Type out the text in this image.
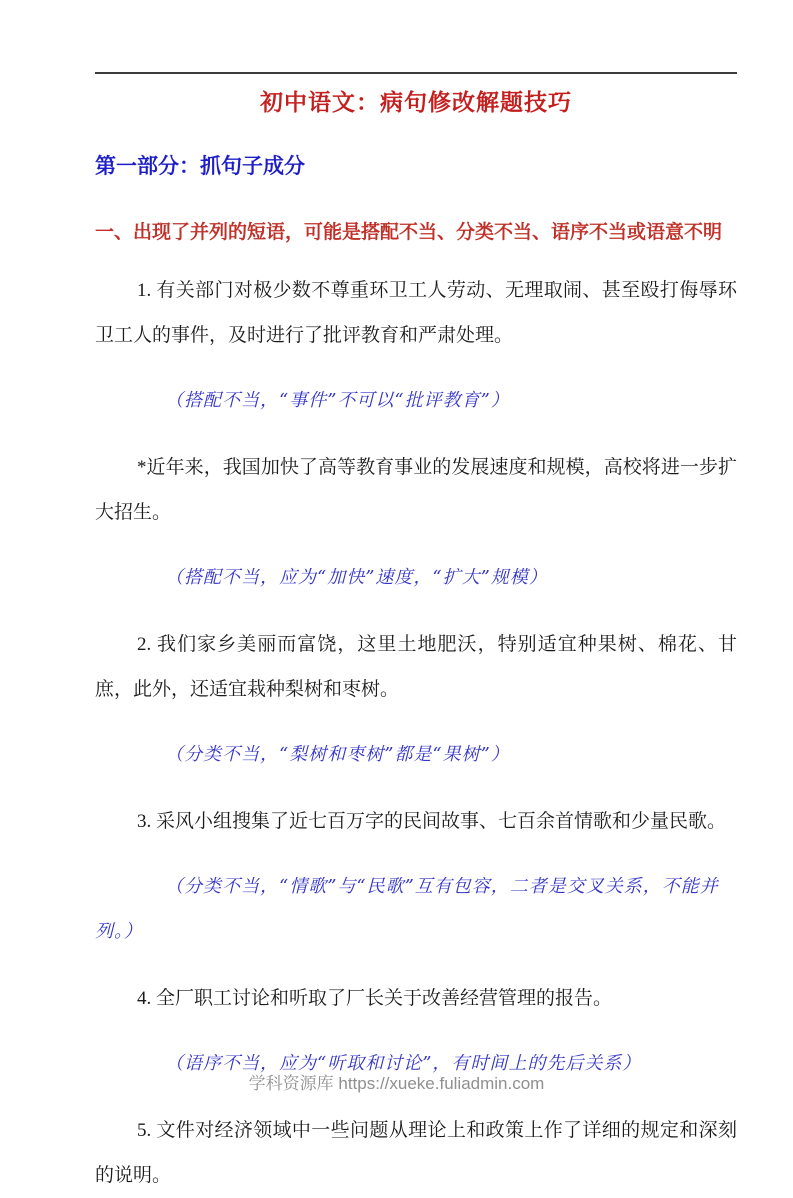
初中语文：病句修改解题技巧
第一部分：抓句子成分
一、出现了并列的短语，可能是搭配不当、分类不当、语序不当或语意不明

1. 有关部门对极少数不尊重环卫工人劳动、无理取闹、甚至殴打侮辱环卫工人的事件，及时进行了批评教育和严肃处理。

（搭配不当，“事件”不可以“批评教育”）

*近年来，我国加快了高等教育事业的发展速度和规模，高校将进一步扩大招生。

（搭配不当，应为“加快”速度，“扩大”规模）

2. 我们家乡美丽而富饶，这里土地肥沃，特别适宜种果树、棉花、甘庶，此外，还适宜栽种梨树和枣树。

（分类不当，“梨树和枣树”都是“果树”）

3. 采风小组搜集了近七百万字的民间故事、七百余首情歌和少量民歌。

（分类不当，“情歌”与“民歌”互有包容，二者是交叉关系，不能并列。）

4. 全厂职工讨论和听取了厂长关于改善经营管理的报告。

（语序不当，应为“听取和讨论”，有时间上的先后关系）

5. 文件对经济领域中一些问题从理论上和政策上作了详细的规定和深刻的说明。

学科资源库 https://xueke.fuliadmin.com
